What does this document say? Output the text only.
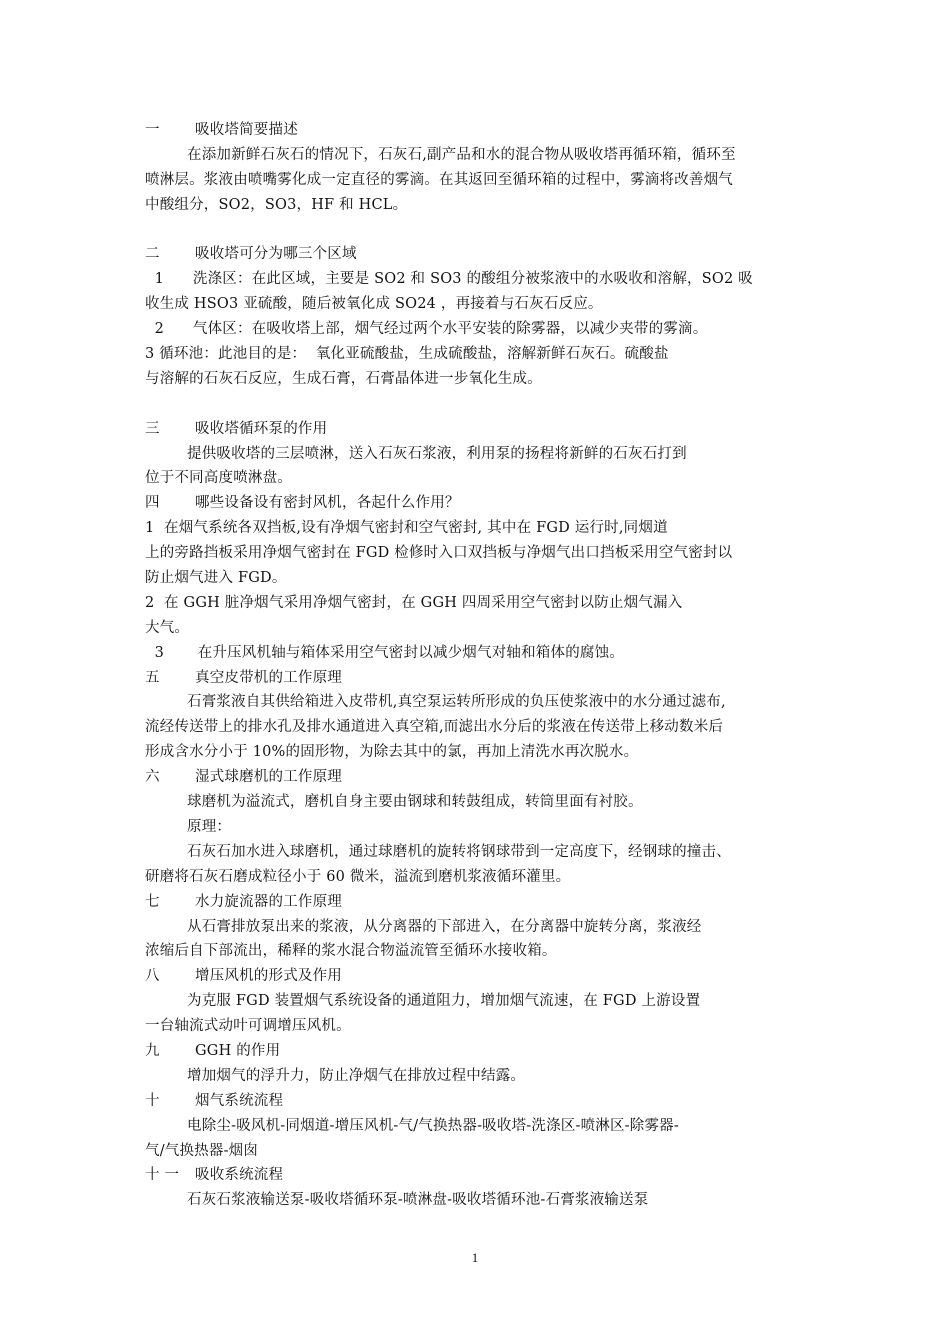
一 吸收塔简要描述
在添加新鲜石灰石的情况下，石灰石,副产品和水的混合物从吸收塔再循环箱，循环至
喷淋层。浆液由喷嘴雾化成一定直径的雾滴。在其返回至循环箱的过程中，雾滴将改善烟气
中酸组分，SO2，SO3，HF 和 HCL。
二 吸收塔可分为哪三个区域
1      洗涤区：在此区域，主要是 SO2 和 SO3 的酸组分被浆液中的水吸收和溶解，SO2 吸
收生成 HSO3 亚硫酸，随后被氧化成 SO24 ，再接着与石灰石反应。
2      气体区：在吸收塔上部，烟气经过两个水平安装的除雾器，以减少夹带的雾滴。
3 循环池：此池目的是：  氧化亚硫酸盐，生成硫酸盐，溶解新鲜石灰石。硫酸盐
与溶解的石灰石反应，生成石膏，石膏晶体进一步氧化生成。
三 吸收塔循环泵的作用
提供吸收塔的三层喷淋，送入石灰石浆液，利用泵的扬程将新鲜的石灰石打到
位于不同高度喷淋盘。
四 哪些设备设有密封风机，各起什么作用？
1  在烟气系统各双挡板,设有净烟气密封和空气密封, 其中在 FGD 运行时,同烟道
上的旁路挡板采用净烟气密封在 FGD 检修时入口双挡板与净烟气出口挡板采用空气密封以
防止烟气进入 FGD。
2  在 GGH 脏净烟气采用净烟气密封，在 GGH 四周采用空气密封以防止烟气漏入
大气。
3       在升压风机轴与箱体采用空气密封以减少烟气对轴和箱体的腐蚀。
五 真空皮带机的工作原理
石膏浆液自其供给箱进入皮带机,真空泵运转所形成的负压使浆液中的水分通过滤布,
流经传送带上的排水孔及排水通道进入真空箱,而滤出水分后的浆液在传送带上移动数米后
形成含水分小于 10%的固形物，为除去其中的氯，再加上清洗水再次脱水。
六 湿式球磨机的工作原理
球磨机为溢流式，磨机自身主要由钢球和转鼓组成，转筒里面有衬胶。
原理：
石灰石加水进入球磨机，通过球磨机的旋转将钢球带到一定高度下，经钢球的撞击、
研磨将石灰石磨成粒径小于 60 微米，溢流到磨机浆液循环灌里。
七 水力旋流器的工作原理
从石膏排放泵出来的浆液，从分离器的下部进入，在分离器中旋转分离，浆液经
浓缩后自下部流出，稀释的浆水混合物溢流管至循环水接收箱。
八 增压风机的形式及作用
为克服 FGD 装置烟气系统设备的通道阻力，增加烟气流速，在 FGD 上游设置
一台轴流式动叶可调增压风机。
九 GGH 的作用
增加烟气的浮升力，防止净烟气在排放过程中结露。
十 烟气系统流程
电除尘-吸风机-同烟道-增压风机-气/气换热器-吸收塔-洗涤区-喷淋区-除雾器-
气/气换热器-烟囱
十 一 吸收系统流程
石灰石浆液输送泵-吸收塔循环泵-喷淋盘-吸收塔循环池-石膏浆液输送泵
1
